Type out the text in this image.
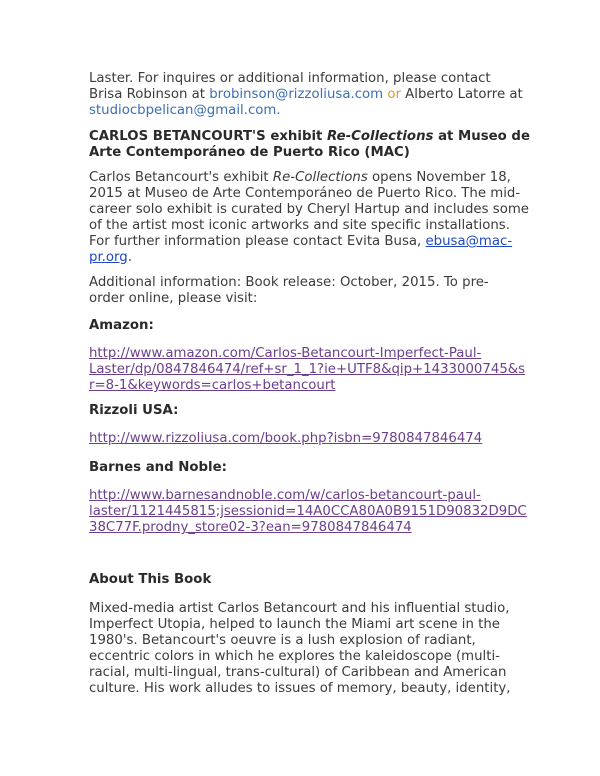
Laster. For inquires or additional information, please contact
Brisa Robinson at brobinson@rizzoliusa.com or Alberto Latorre at
studiocbpelican@gmail.com.
CARLOS BETANCOURT'S exhibit Re-Collections at Museo de
Arte Contemporáneo de Puerto Rico (MAC)
Carlos Betancourt's exhibit Re-Collections opens November 18,
2015 at Museo de Arte Contemporáneo de Puerto Rico. The mid-
career solo exhibit is curated by Cheryl Hartup and includes some
of the artist most iconic artworks and site specific installations.
For further information please contact Evita Busa, ebusa@mac-
pr.org.
Additional information: Book release: October, 2015. To pre-
order online, please visit:
Amazon:
http://www.amazon.com/Carlos-Betancourt-Imperfect-Paul-
Laster/dp/0847846474/ref+sr_1_1?ie+UTF8&qip+1433000745&s
r=8-1&keywords=carlos+betancourt
Rizzoli USA:
http://www.rizzoliusa.com/book.php?isbn=9780847846474
Barnes and Noble:
http://www.barnesandnoble.com/w/carlos-betancourt-paul-
laster/1121445815;jsessionid=14A0CCA80A0B9151D90832D9DC
38C77F.prodny_store02-3?ean=9780847846474
About This Book
Mixed-media artist Carlos Betancourt and his influential studio,
Imperfect Utopia, helped to launch the Miami art scene in the
1980's. Betancourt's oeuvre is a lush explosion of radiant,
eccentric colors in which he explores the kaleidoscope (multi-
racial, multi-lingual, trans-cultural) of Caribbean and American
culture. His work alludes to issues of memory, beauty, identity,
